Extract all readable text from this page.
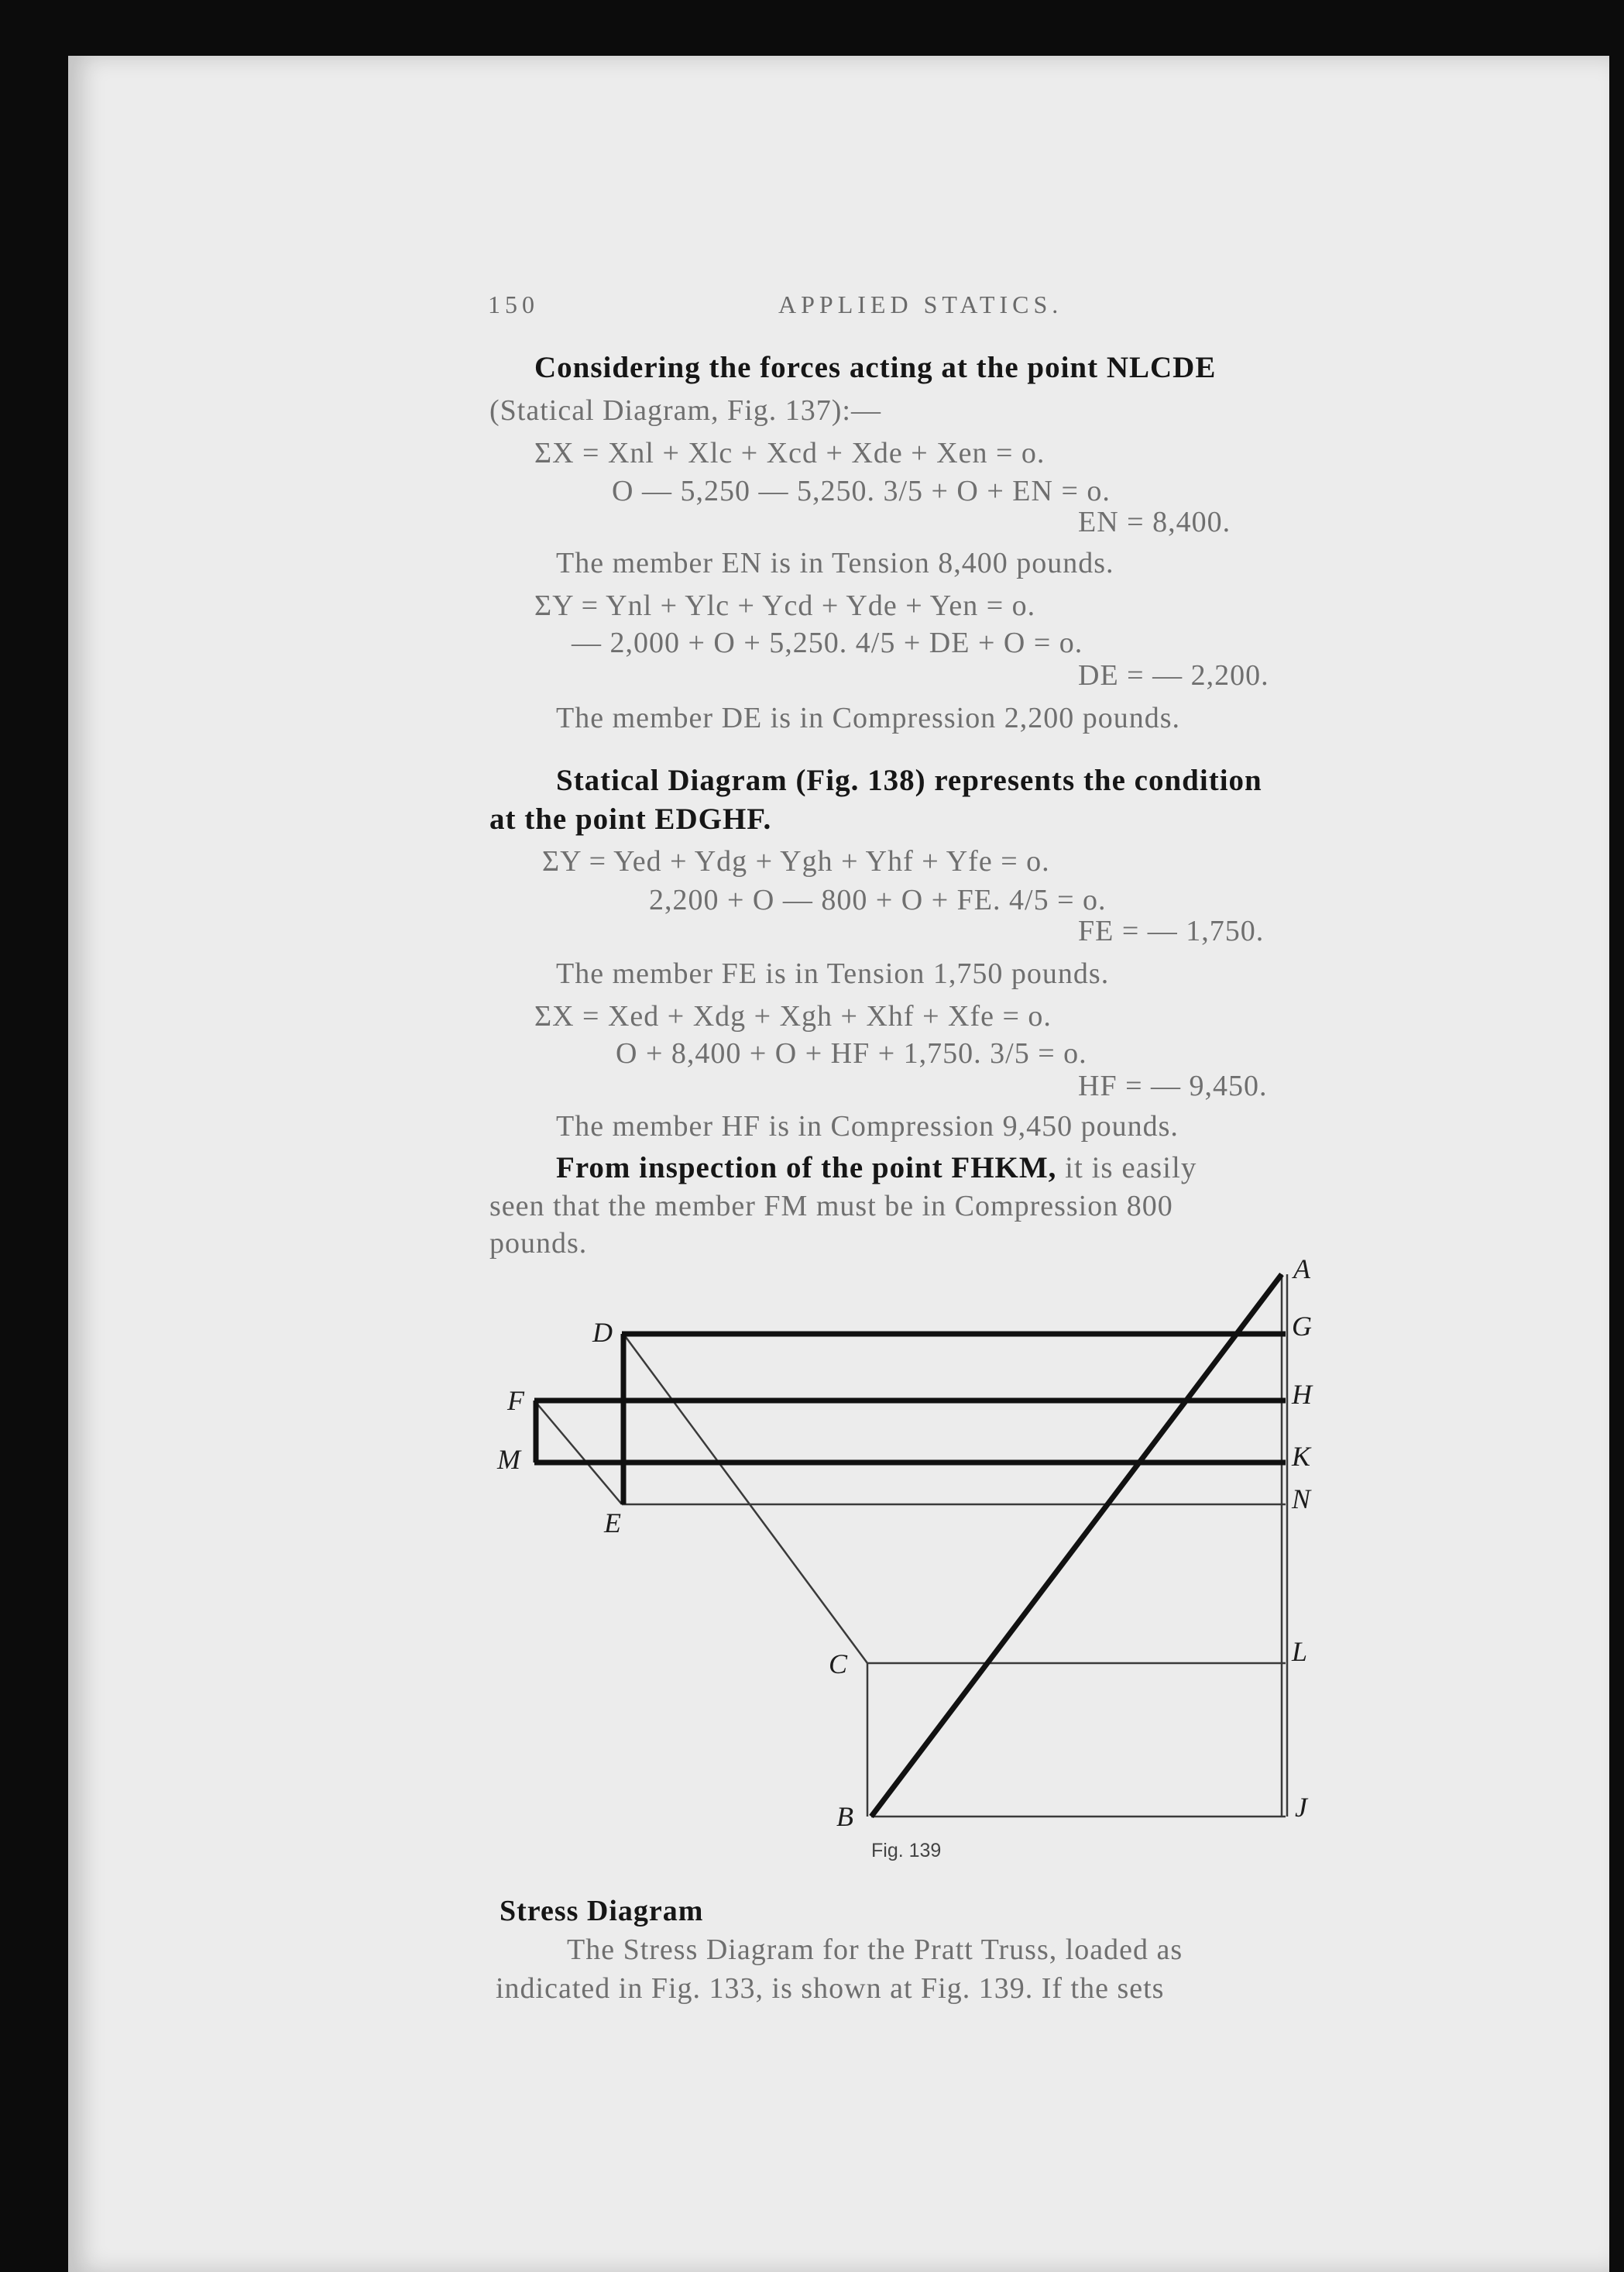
150	APPLIED STATICS.
Considering the forces acting at the point NLCDE
(Statical Diagram, Fig. 137):—
ΣX = Xnl + Xlc + Xcd + Xde + Xen = o.
O — 5,250 — 5,250. 3/5 + O + EN = o.
EN = 8,400.
The member EN is in Tension 8,400 pounds.
ΣY = Ynl + Ylc + Ycd + Yde + Yen = o.
— 2,000 + O + 5,250. 4/5 + DE + O = o.
DE = — 2,200.
The member DE is in Compression 2,200 pounds.
Statical Diagram (Fig. 138) represents the condition
at the point EDGHF.
ΣY = Yed + Ydg + Ygh + Yhf + Yfe = o.
2,200 + O — 800 + O + FE. 4/5 = o.
FE = — 1,750.
The member FE is in Tension 1,750 pounds.
ΣX = Xed + Xdg + Xgh + Xhf + Xfe = o.
O + 8,400 + O + HF + 1,750. 3/5 = o.
HF = — 9,450.
The member HF is in Compression 9,450 pounds.
From inspection of the point FHKM, it is easily
seen that the member FM must be in Compression 800
pounds.
A
G
H
K
N
L
J
D
F
M
E
C
B
Fig. 139
Stress Diagram
The Stress Diagram for the Pratt Truss, loaded as
indicated in Fig. 133, is shown at Fig. 139. If the sets
